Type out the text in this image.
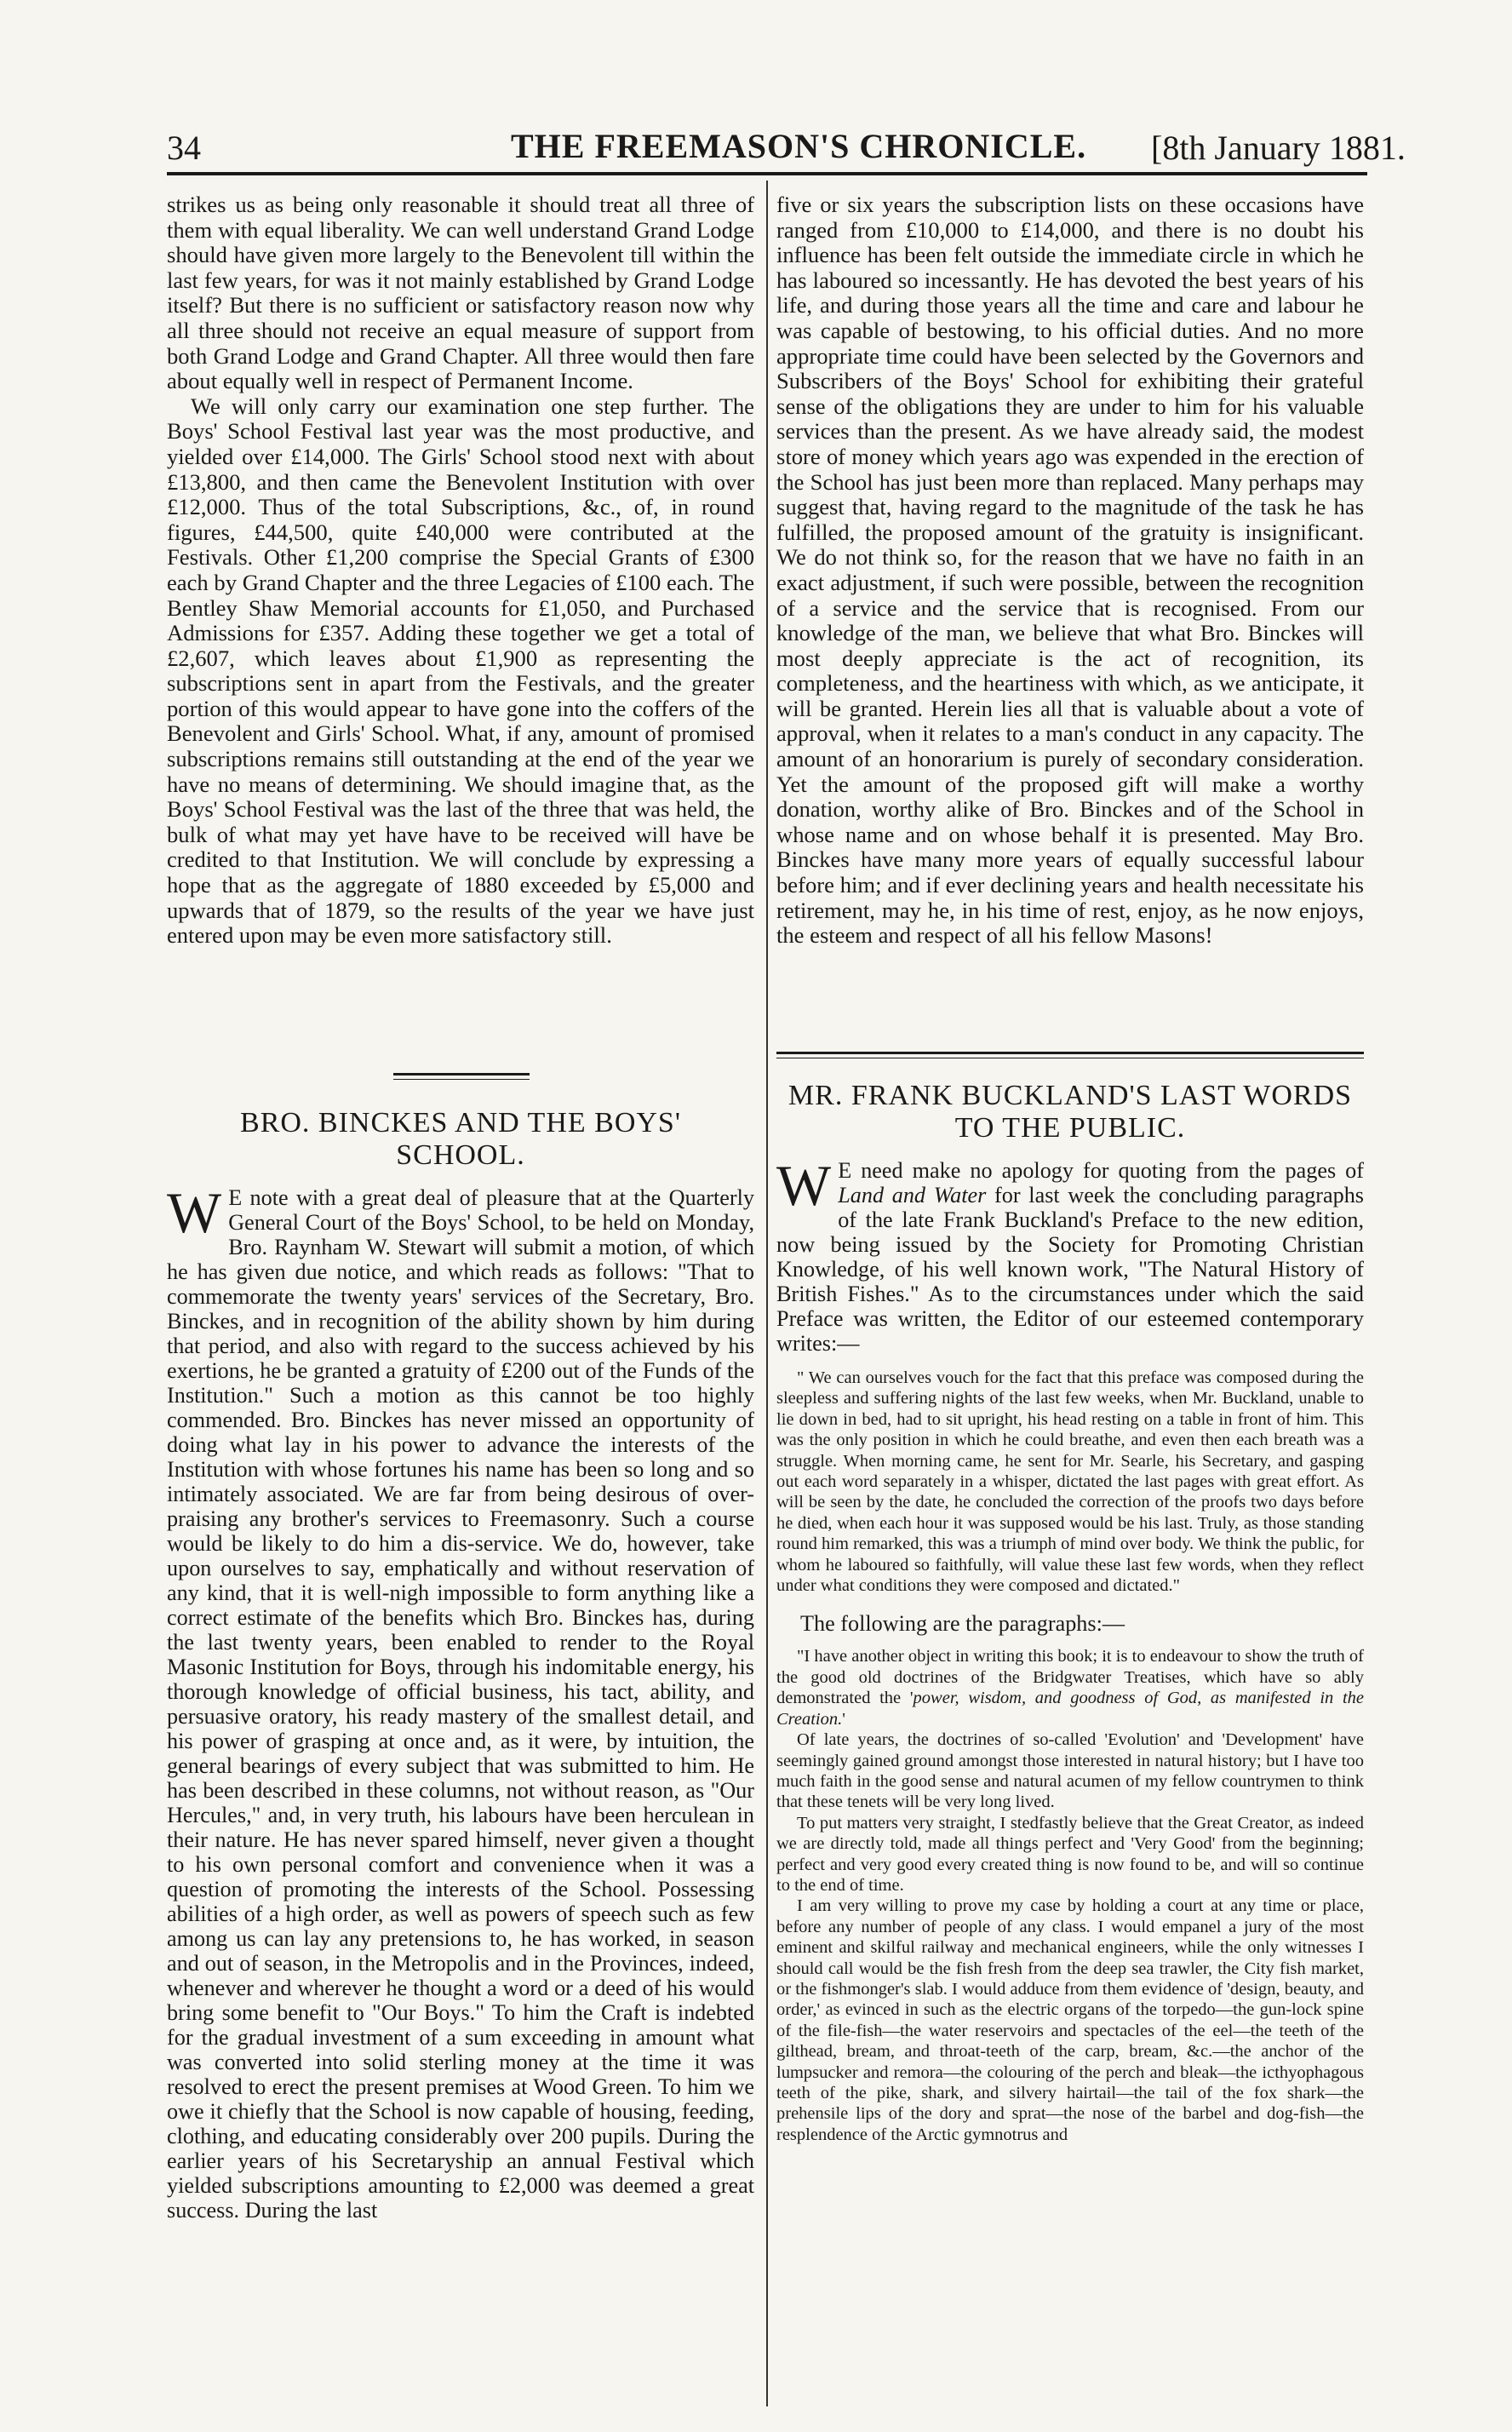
34	THE FREEMASON'S CHRONICLE. [8th January 1881.

strikes us as being only reasonable it should treat all three of them with equal liberality. We can well understand Grand Lodge should have given more largely to the Benevolent till within the last few years, for was it not mainly established by Grand Lodge itself? But there is no sufficient or satisfactory reason now why all three should not receive an equal measure of support from both Grand Lodge and Grand Chapter. All three would then fare about equally well in respect of Permanent Income.

We will only carry our examination one step further. The Boys' School Festival last year was the most productive, and yielded over £14,000. The Girls' School stood next with about £13,800, and then came the Benevolent Institution with over £12,000. Thus of the total Subscriptions, &c., of, in round figures, £44,500, quite £40,000 were contributed at the Festivals. Other £1,200 comprise the Special Grants of £300 each by Grand Chapter and the three Legacies of £100 each. The Bentley Shaw Memorial accounts for £1,050, and Purchased Admissions for £357. Adding these together we get a total of £2,607, which leaves about £1,900 as representing the subscriptions sent in apart from the Festivals, and the greater portion of this would appear to have gone into the coffers of the Benevolent and Girls' School. What, if any, amount of promised subscriptions remains still outstanding at the end of the year we have no means of determining. We should imagine that, as the Boys' School Festival was the last of the three that was held, the bulk of what may yet have have to be received will have be credited to that Institution. We will conclude by expressing a hope that as the aggregate of 1880 exceeded by £5,000 and upwards that of 1879, so the results of the year we have just entered upon may be even more satisfactory still.

five or six years the subscription lists on these occasions have ranged from £10,000 to £14,000, and there is no doubt his influence has been felt outside the immediate circle in which he has laboured so incessantly. He has devoted the best years of his life, and during those years all the time and care and labour he was capable of bestowing, to his official duties. And no more appropriate time could have been selected by the Governors and Subscribers of the Boys' School for exhibiting their grateful sense of the obligations they are under to him for his valuable services than the present. As we have already said, the modest store of money which years ago was expended in the erection of the School has just been more than replaced. Many perhaps may suggest that, having regard to the magnitude of the task he has fulfilled, the proposed amount of the gratuity is insignificant. We do not think so, for the reason that we have no faith in an exact adjustment, if such were possible, between the recognition of a service and the service that is recognised. From our knowledge of the man, we believe that what Bro. Binckes will most deeply appreciate is the act of recognition, its completeness, and the heartiness with which, as we anticipate, it will be granted. Herein lies all that is valuable about a vote of approval, when it relates to a man's conduct in any capacity. The amount of an honorarium is purely of secondary consideration. Yet the amount of the proposed gift will make a worthy donation, worthy alike of Bro. Binckes and of the School in whose name and on whose behalf it is presented. May Bro. Binckes have many more years of equally successful labour before him; and if ever declining years and health necessitate his retirement, may he, in his time of rest, enjoy, as he now enjoys, the esteem and respect of all his fellow Masons!

BRO. BINCKES AND THE BOYS'
SCHOOL.

W E note with a great deal of pleasure that at the Quarterly General Court of the Boys' School, to be held on Monday, Bro. Raynham W. Stewart will submit a motion, of which he has given due notice, and which reads as follows: "That to commemorate the twenty years' services of the Secretary, Bro. Binckes, and in recognition of the ability shown by him during that period, and also with regard to the success achieved by his exertions, he be granted a gratuity of £200 out of the Funds of the Institution." Such a motion as this cannot be too highly commended. Bro. Binckes has never missed an opportunity of doing what lay in his power to advance the interests of the Institution with whose fortunes his name has been so long and so intimately associated. We are far from being desirous of over-praising any brother's services to Freemasonry. Such a course would be likely to do him a dis-service. We do, however, take upon ourselves to say, emphatically and without reservation of any kind, that it is well-nigh impossible to form anything like a correct estimate of the benefits which Bro. Binckes has, during the last twenty years, been enabled to render to the Royal Masonic Institution for Boys, through his indomitable energy, his thorough knowledge of official business, his tact, ability, and persuasive oratory, his ready mastery of the smallest detail, and his power of grasping at once and, as it were, by intuition, the general bearings of every subject that was submitted to him. He has been described in these columns, not without reason, as "Our Hercules," and, in very truth, his labours have been herculean in their nature. He has never spared himself, never given a thought to his own personal comfort and convenience when it was a question of promoting the interests of the School. Possessing abilities of a high order, as well as powers of speech such as few among us can lay any pretensions to, he has worked, in season and out of season, in the Metropolis and in the Provinces, indeed, whenever and wherever he thought a word or a deed of his would bring some benefit to "Our Boys." To him the Craft is indebted for the gradual investment of a sum exceeding in amount what was converted into solid sterling money at the time it was resolved to erect the present premises at Wood Green. To him we owe it chiefly that the School is now capable of housing, feeding, clothing, and educating considerably over 200 pupils. During the earlier years of his Secretaryship an annual Festival which yielded subscriptions amounting to £2,000 was deemed a great success. During the last

MR. FRANK BUCKLAND'S LAST WORDS
TO THE PUBLIC.

W E need make no apology for quoting from the pages of Land and Water for last week the concluding paragraphs of the late Frank Buckland's Preface to the new edition, now being issued by the Society for Promoting Christian Knowledge, of his well known work, "The Natural History of British Fishes." As to the circumstances under which the said Preface was written, the Editor of our esteemed contemporary writes:—

" We can ourselves vouch for the fact that this preface was composed during the sleepless and suffering nights of the last few weeks, when Mr. Buckland, unable to lie down in bed, had to sit upright, his head resting on a table in front of him. This was the only position in which he could breathe, and even then each breath was a struggle. When morning came, he sent for Mr. Searle, his Secretary, and gasping out each word separately in a whisper, dictated the last pages with great effort. As will be seen by the date, he concluded the correction of the proofs two days before he died, when each hour it was supposed would be his last. Truly, as those standing round him remarked, this was a triumph of mind over body. We think the public, for whom he laboured so faithfully, will value these last few words, when they reflect under what conditions they were composed and dictated."

The following are the paragraphs:—

"I have another object in writing this book; it is to endeavour to show the truth of the good old doctrines of the Bridgwater Treatises, which have so ably demonstrated the 'power, wisdom, and goodness of God, as manifested in the Creation.'

Of late years, the doctrines of so-called 'Evolution' and 'Development' have seemingly gained ground amongst those interested in natural history; but I have too much faith in the good sense and natural acumen of my fellow countrymen to think that these tenets will be very long lived.

To put matters very straight, I stedfastly believe that the Great Creator, as indeed we are directly told, made all things perfect and 'Very Good' from the beginning; perfect and very good every created thing is now found to be, and will so continue to the end of time.

I am very willing to prove my case by holding a court at any time or place, before any number of people of any class. I would empanel a jury of the most eminent and skilful railway and mechanical engineers, while the only witnesses I should call would be the fish fresh from the deep sea trawler, the City fish market, or the fishmonger's slab. I would adduce from them evidence of 'design, beauty, and order,' as evinced in such as the electric organs of the torpedo—the gun-lock spine of the file-fish—the water reservoirs and spectacles of the eel—the teeth of the gilthead, bream, and throat-teeth of the carp, bream, &c.—the anchor of the lumpsucker and remora—the colouring of the perch and bleak—the icthyophagous teeth of the pike, shark, and silvery hairtail—the tail of the fox shark—the prehensile lips of the dory and sprat—the nose of the barbel and dog-fish—the resplendence of the Arctic gymnotrus and
